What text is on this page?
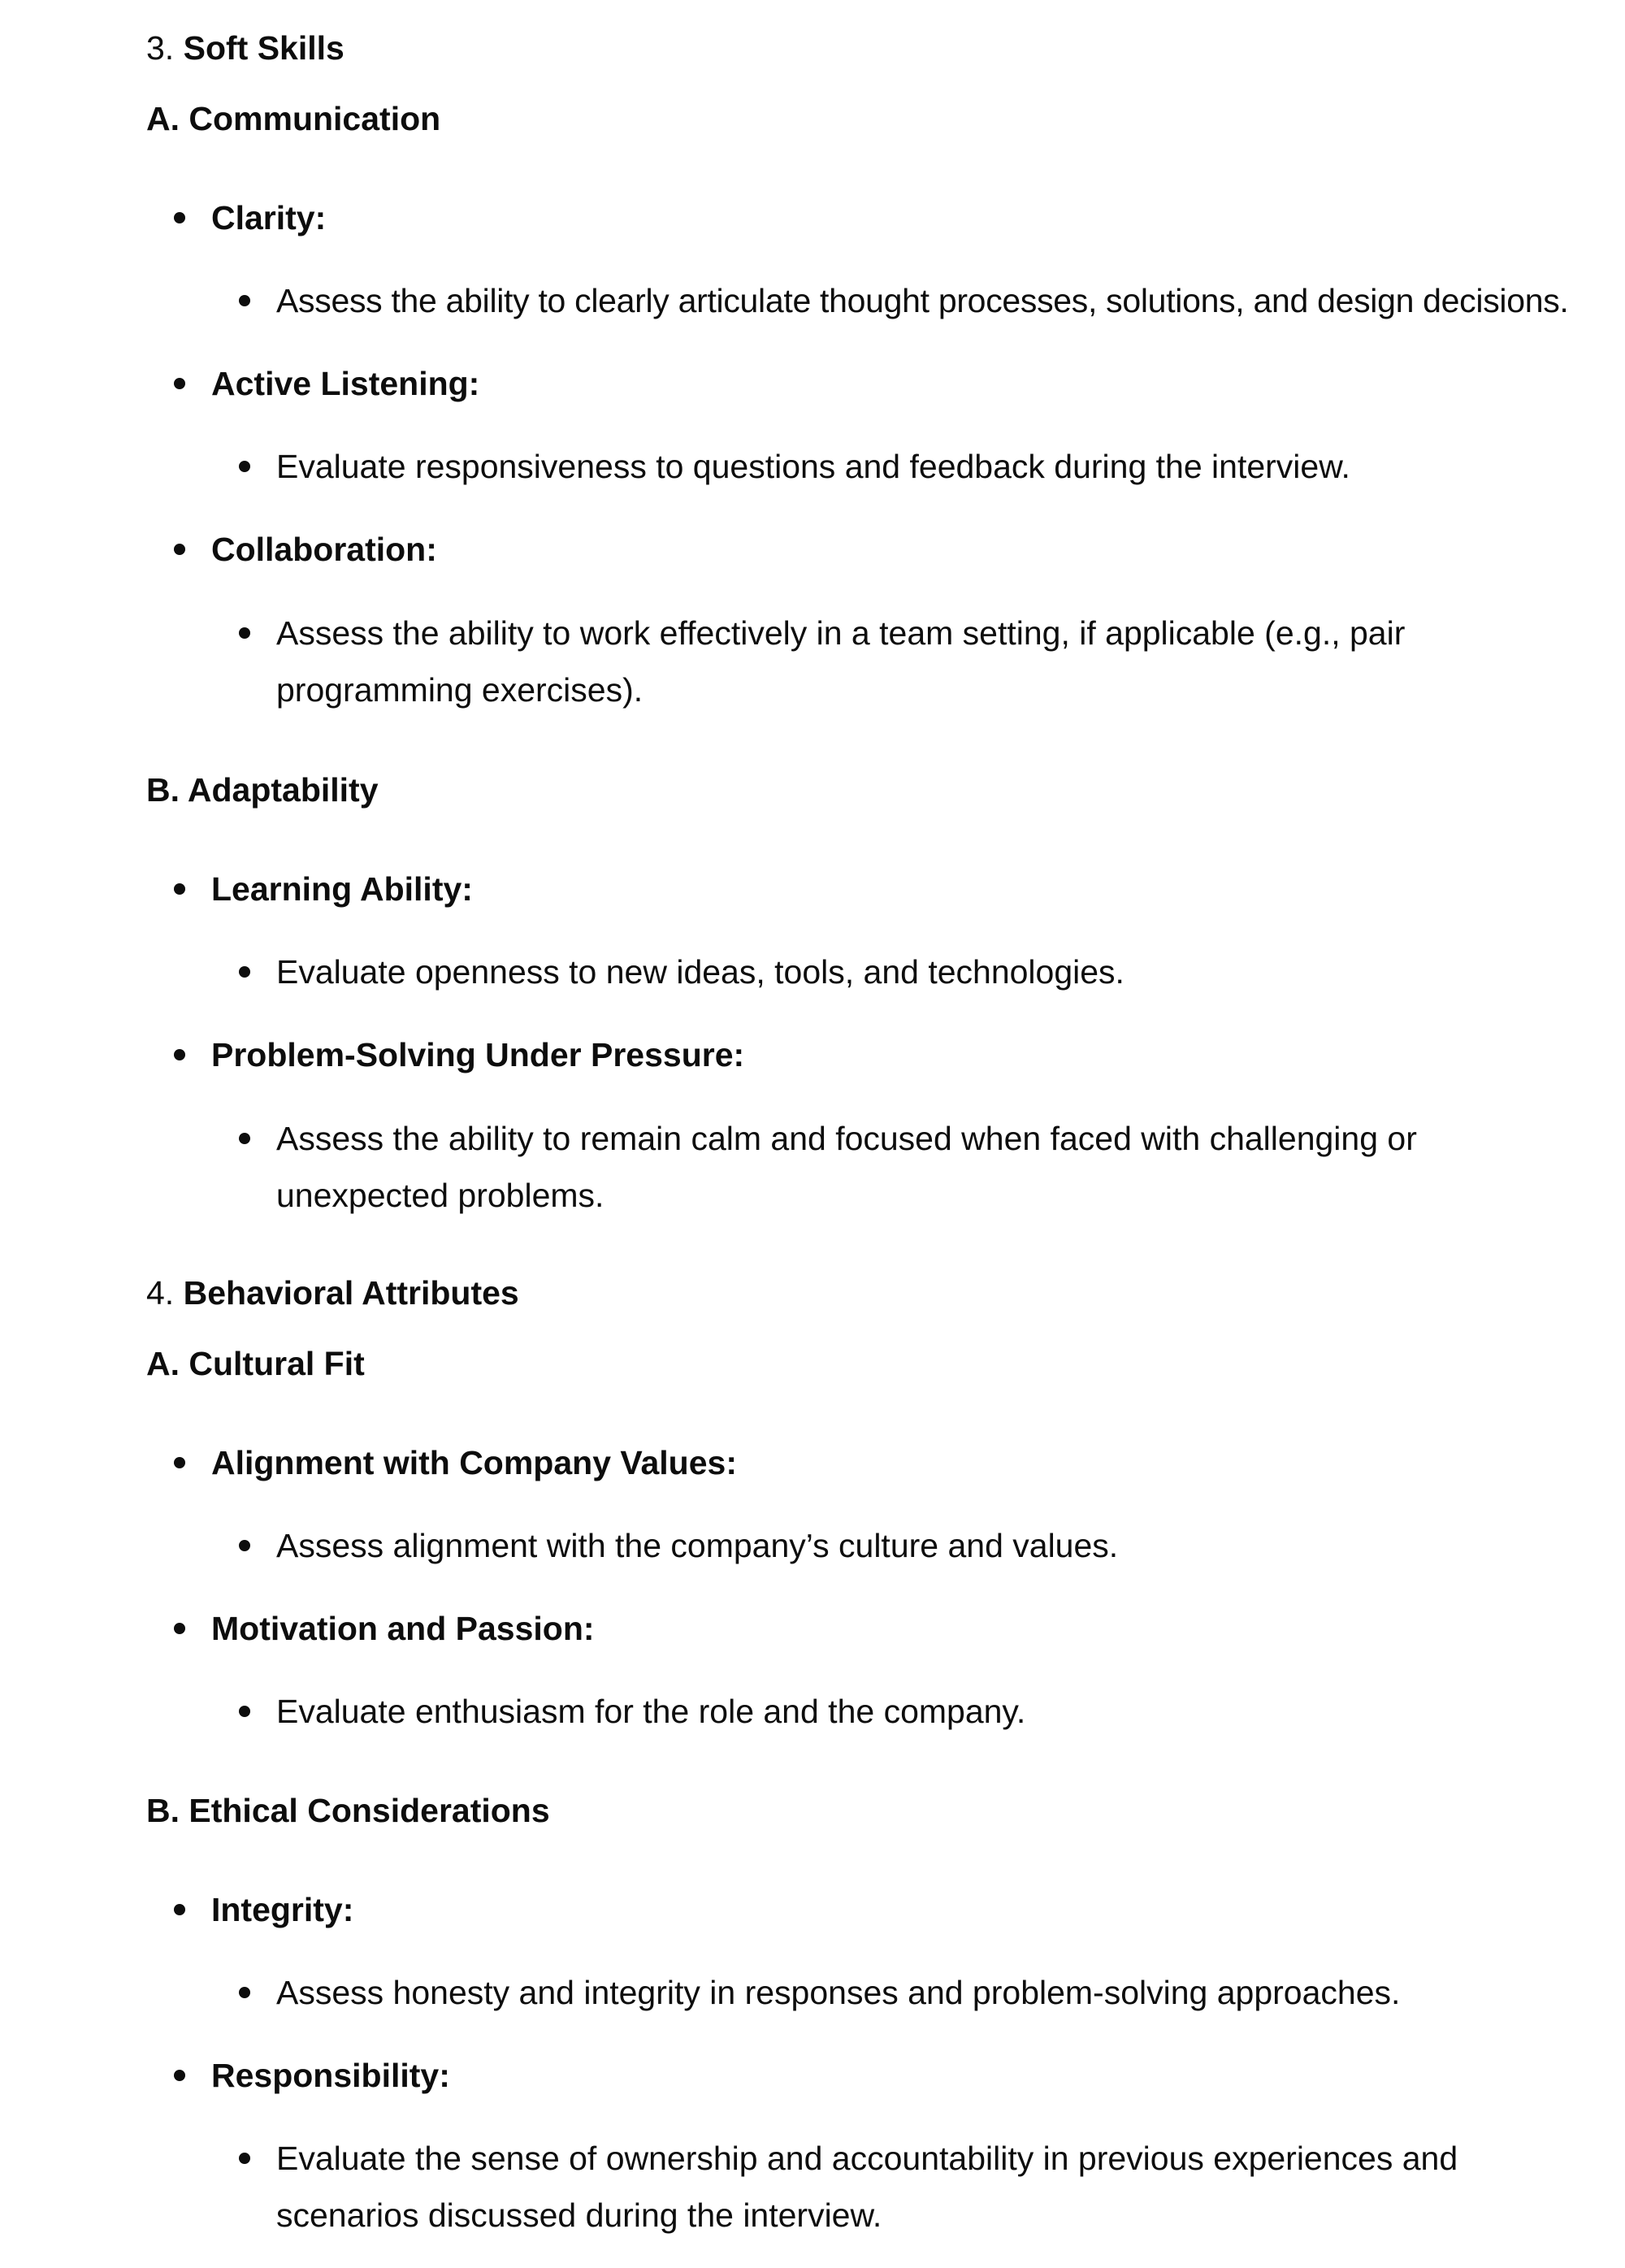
3. Soft Skills
A. Communication
Clarity:
Assess the ability to clearly articulate thought processes, solutions, and design decisions.
Active Listening:
Evaluate responsiveness to questions and feedback during the interview.
Collaboration:
Assess the ability to work effectively in a team setting, if applicable (e.g., pair programming exercises).
B. Adaptability
Learning Ability:
Evaluate openness to new ideas, tools, and technologies.
Problem-Solving Under Pressure:
Assess the ability to remain calm and focused when faced with challenging or unexpected problems.
4. Behavioral Attributes
A. Cultural Fit
Alignment with Company Values:
Assess alignment with the company’s culture and values.
Motivation and Passion:
Evaluate enthusiasm for the role and the company.
B. Ethical Considerations
Integrity:
Assess honesty and integrity in responses and problem-solving approaches.
Responsibility:
Evaluate the sense of ownership and accountability in previous experiences and scenarios discussed during the interview.
